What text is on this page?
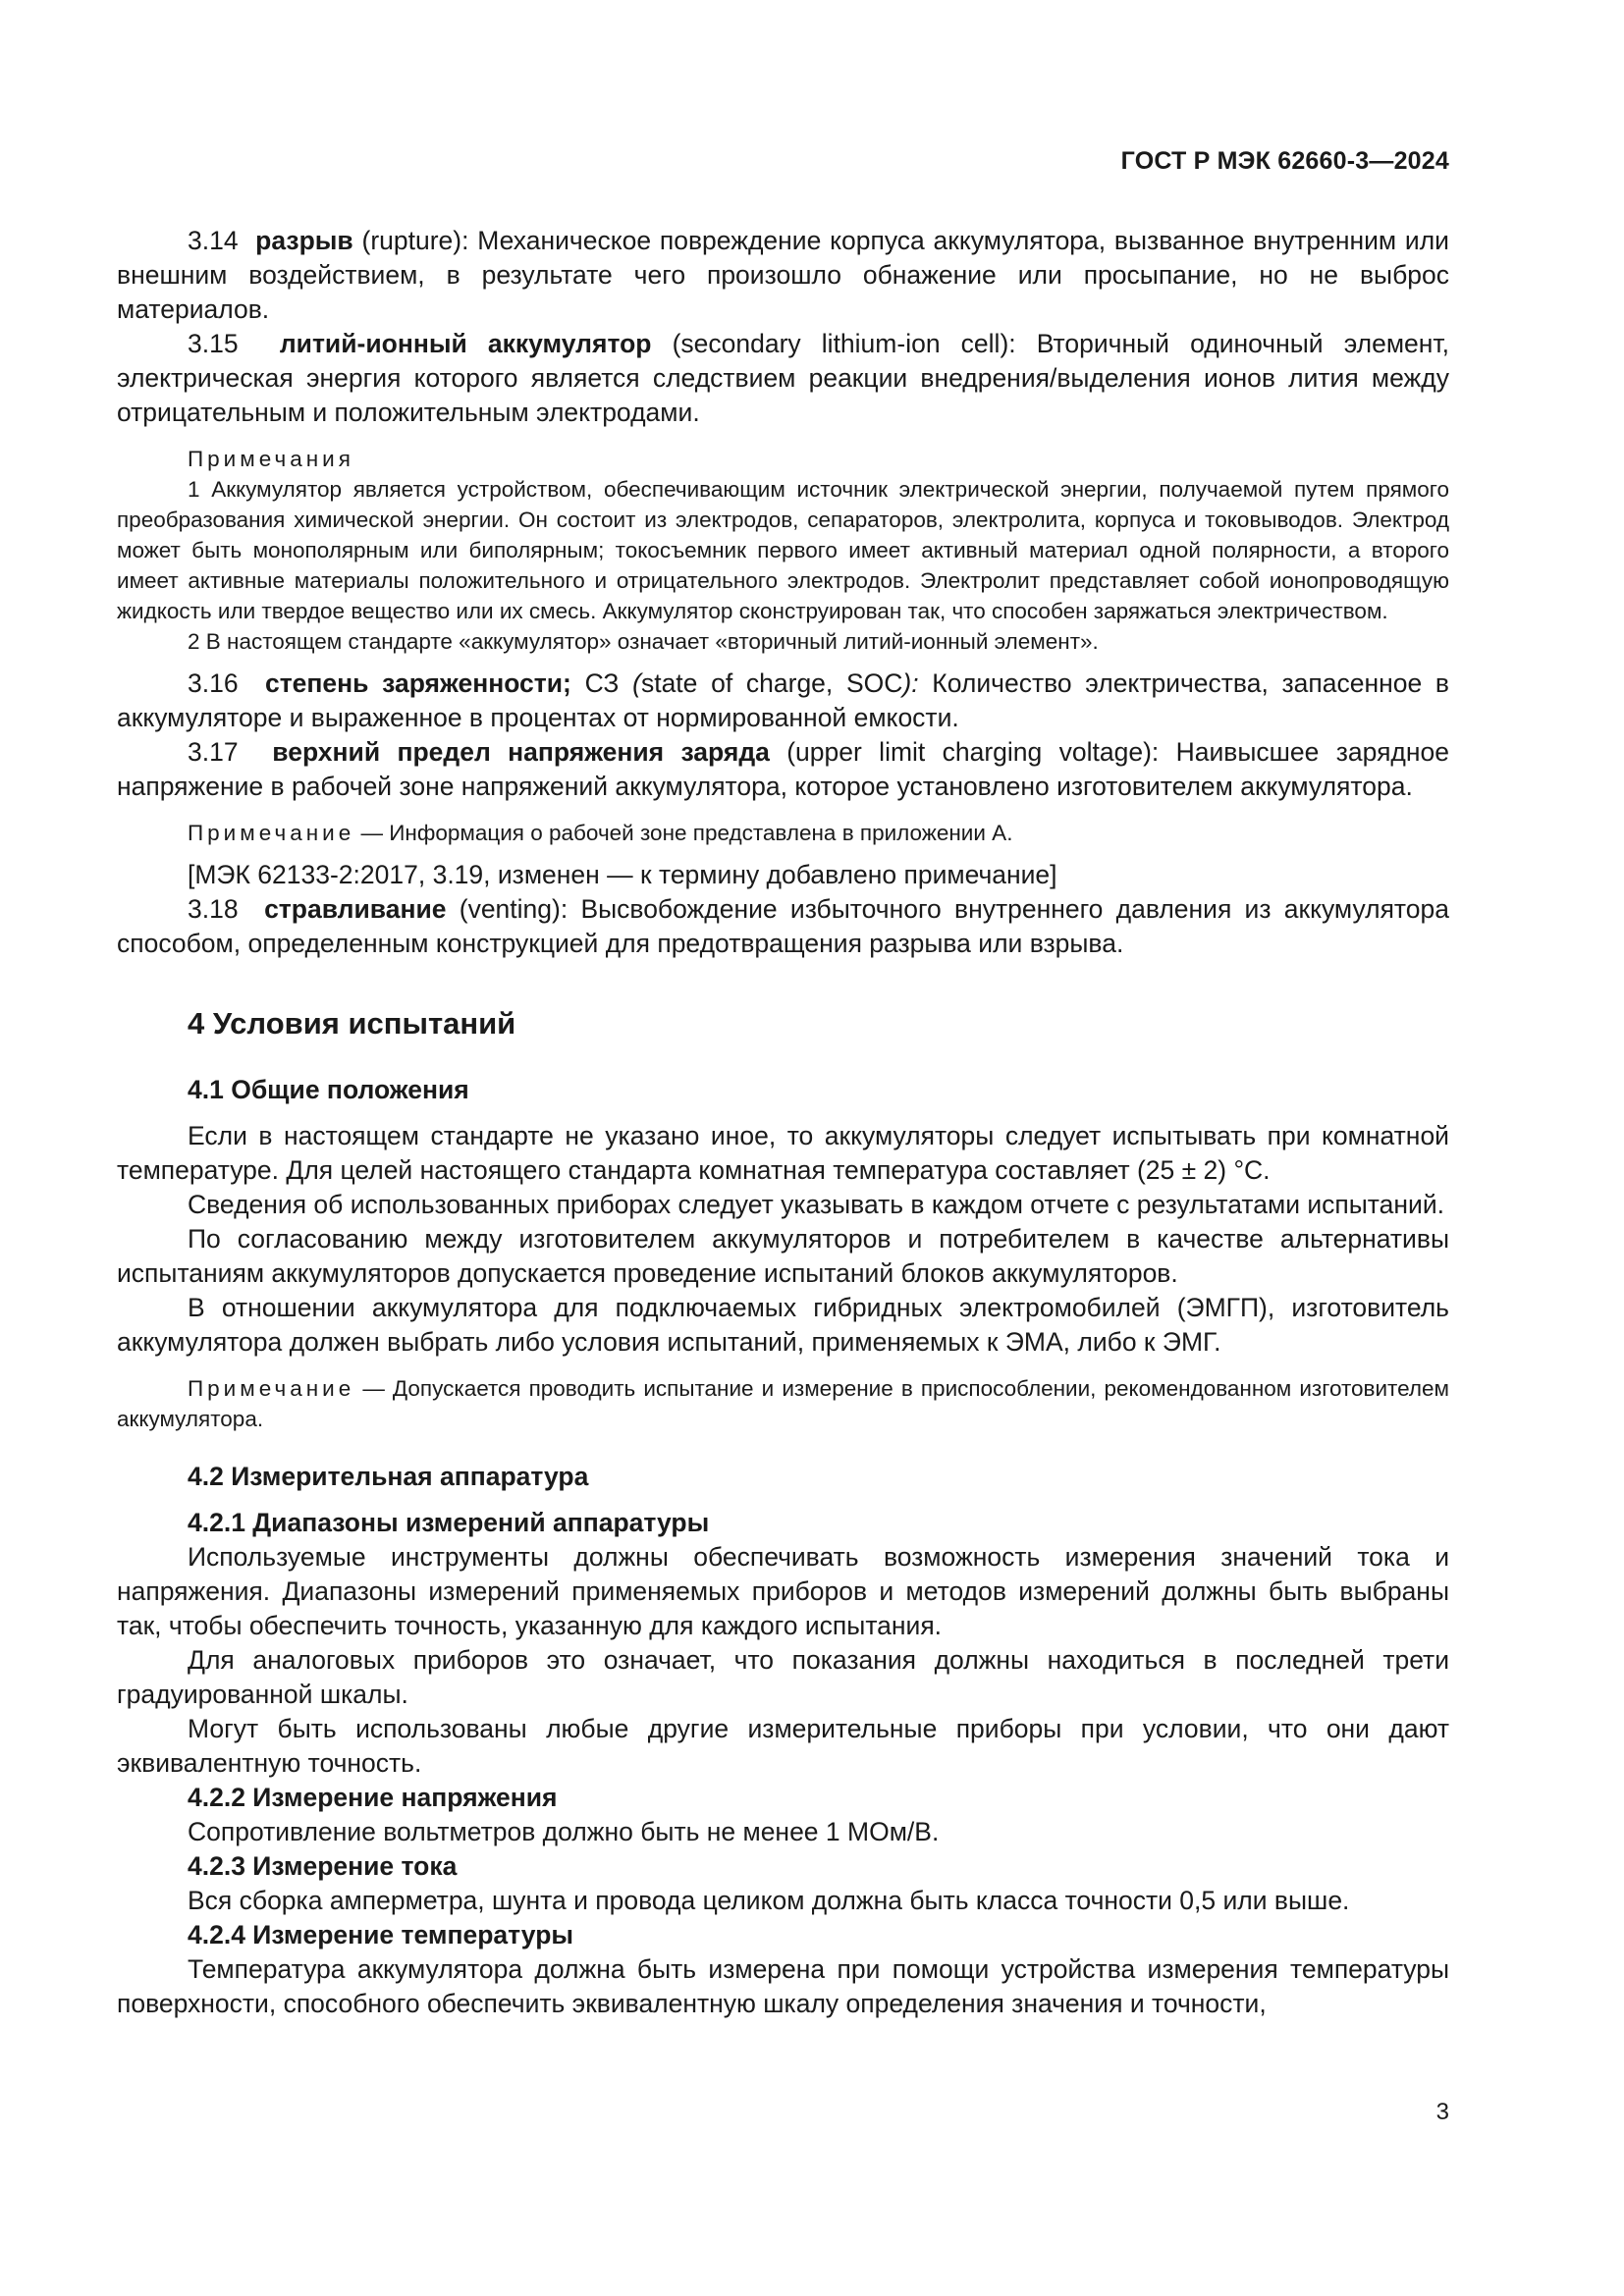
ГОСТ Р МЭК 62660-3—2024

3.14 разрыв (rupture): Механическое повреждение корпуса аккумулятора, вызванное внутренним или внешним воздействием, в результате чего произошло обнажение или просыпание, но не выброс материалов.

3.15 литий-ионный аккумулятор (secondary lithium-ion cell): Вторичный одиночный элемент, электрическая энергия которого является следствием реакции внедрения/выделения ионов лития между отрицательным и положительным электродами.

Примечания

1 Аккумулятор является устройством, обеспечивающим источник электрической энергии, получаемой путем прямого преобразования химической энергии. Он состоит из электродов, сепараторов, электролита, корпуса и токовыводов. Электрод может быть монополярным или биполярным; токосъемник первого имеет активный материал одной полярности, а второго имеет активные материалы положительного и отрицательного электродов. Электролит представляет собой ионопроводящую жидкость или твердое вещество или их смесь. Аккумулятор сконструирован так, что способен заряжаться электричеством.

2 В настоящем стандарте «аккумулятор» означает «вторичный литий-ионный элемент».

3.16 степень заряженности; СЗ (state of charge, SOC): Количество электричества, запасенное в аккумуляторе и выраженное в процентах от нормированной емкости.

3.17 верхний предел напряжения заряда (upper limit charging voltage): Наивысшее зарядное напряжение в рабочей зоне напряжений аккумулятора, которое установлено изготовителем аккумулятора.

Примечание — Информация о рабочей зоне представлена в приложении А.

[МЭК 62133-2:2017, 3.19, изменен — к термину добавлено примечание]

3.18 стравливание (venting): Высвобождение избыточного внутреннего давления из аккумулятора способом, определенным конструкцией для предотвращения разрыва или взрыва.

4 Условия испытаний
4.1 Общие положения

Если в настоящем стандарте не указано иное, то аккумуляторы следует испытывать при комнатной температуре. Для целей настоящего стандарта комнатная температура составляет (25 ± 2) °С.

Сведения об использованных приборах следует указывать в каждом отчете с результатами испытаний.

По согласованию между изготовителем аккумуляторов и потребителем в качестве альтернативы испытаниям аккумуляторов допускается проведение испытаний блоков аккумуляторов.

В отношении аккумулятора для подключаемых гибридных электромобилей (ЭМГП), изготовитель аккумулятора должен выбрать либо условия испытаний, применяемых к ЭМА, либо к ЭМГ.

Примечание — Допускается проводить испытание и измерение в приспособлении, рекомендованном изготовителем аккумулятора.

4.2 Измерительная аппаратура
4.2.1 Диапазоны измерений аппаратуры

Используемые инструменты должны обеспечивать возможность измерения значений тока и напряжения. Диапазоны измерений применяемых приборов и методов измерений должны быть выбраны так, чтобы обеспечить точность, указанную для каждого испытания.

Для аналоговых приборов это означает, что показания должны находиться в последней трети градуированной шкалы.

Могут быть использованы любые другие измерительные приборы при условии, что они дают эквивалентную точность.

4.2.2 Измерение напряжения

Сопротивление вольтметров должно быть не менее 1 МОм/В.

4.2.3 Измерение тока

Вся сборка амперметра, шунта и провода целиком должна быть класса точности 0,5 или выше.

4.2.4 Измерение температуры

Температура аккумулятора должна быть измерена при помощи устройства измерения температуры поверхности, способного обеспечить эквивалентную шкалу определения значения и точности,

3
